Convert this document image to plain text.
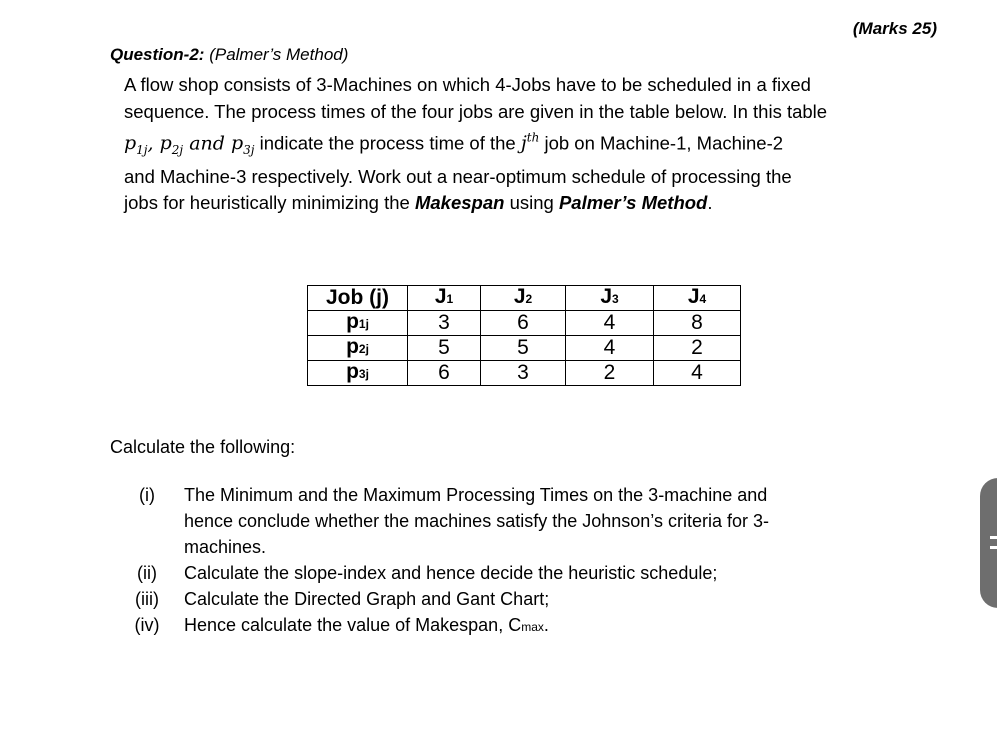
(Marks 25)
Question-2: (Palmer’s Method)
A flow shop consists of 3-Machines on which 4-Jobs have to be scheduled in a fixed
sequence. The process times of the four jobs are given in the table below. In this table
$p_{1j}$, $p_{2j}$ and $p_{3j}$ indicate the process time of the $j^{th}$ job on Machine-1, Machine-2
and Machine-3 respectively. Work out a near-optimum schedule of processing the
jobs for heuristically minimizing the Makespan using Palmer’s Method.
Job (j)	J1	J2	J3	J4
p1j	3	6	4	8
p2j	5	5	4	2
p3j	6	3	2	4
Calculate the following:
(i)	The Minimum and the Maximum Processing Times on the 3-machine and
hence conclude whether the machines satisfy the Johnson’s criteria for 3-
machines.
(ii)	Calculate the slope-index and hence decide the heuristic schedule;
(iii)	Calculate the Directed Graph and Gant Chart;
(iv)	Hence calculate the value of Makespan, Cmax.
